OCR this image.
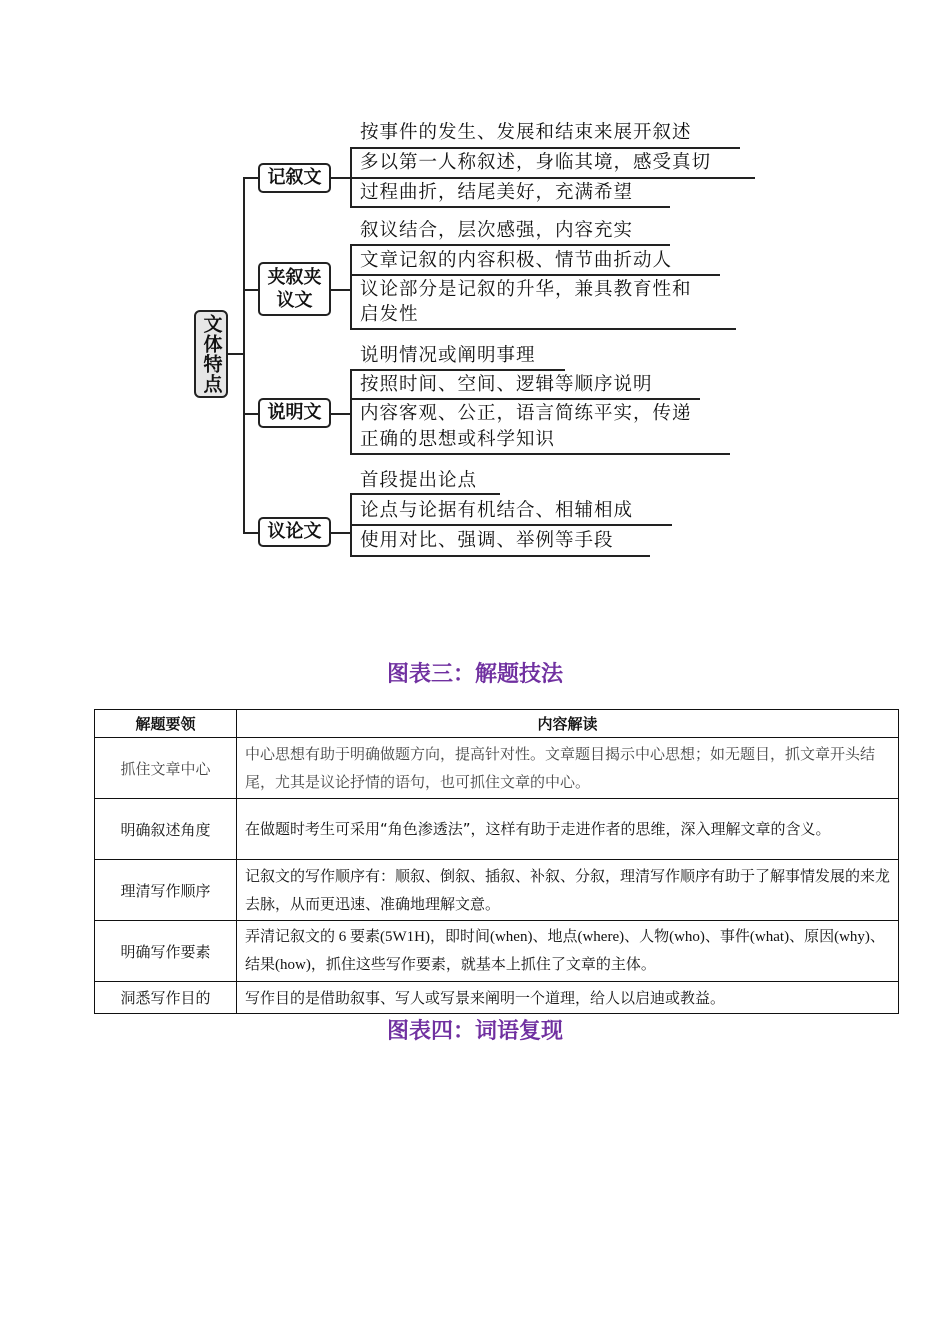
文体特点
记叙文
按事件的发生、发展和结束来展开叙述
多以第一人称叙述，身临其境，感受真切
过程曲折，结尾美好，充满希望
夹叙夹
议文
叙议结合，层次感强，内容充实
文章记叙的内容积极、情节曲折动人
议论部分是记叙的升华，兼具教育性和
启发性
说明文
说明情况或阐明事理
按照时间、空间、逻辑等顺序说明
内容客观、公正，语言简练平实，传递
正确的思想或科学知识
议论文
首段提出论点
论点与论据有机结合、相辅相成
使用对比、强调、举例等手段
图表三：解题技法
解题要领	内容解读
抓住文章中心	中心思想有助于明确做题方向，提高针对性。文章题目揭示中心思想；如无题目，抓文章开头结尾，尤其是议论抒情的语句，也可抓住文章的中心。
明确叙述角度	在做题时考生可采用“角色渗透法”，这样有助于走进作者的思维，深入理解文章的含义。
理清写作顺序	记叙文的写作顺序有：顺叙、倒叙、插叙、补叙、分叙，理清写作顺序有助于了解事情发展的来龙去脉，从而更迅速、准确地理解文意。
明确写作要素	弄清记叙文的 6 要素(5W1H)，即时间(when)、地点(where)、人物(who)、事件(what)、原因(why)、结果(how)，抓住这些写作要素，就基本上抓住了文章的主体。
洞悉写作目的	写作目的是借助叙事、写人或写景来阐明一个道理，给人以启迪或教益。
图表四：词语复现
